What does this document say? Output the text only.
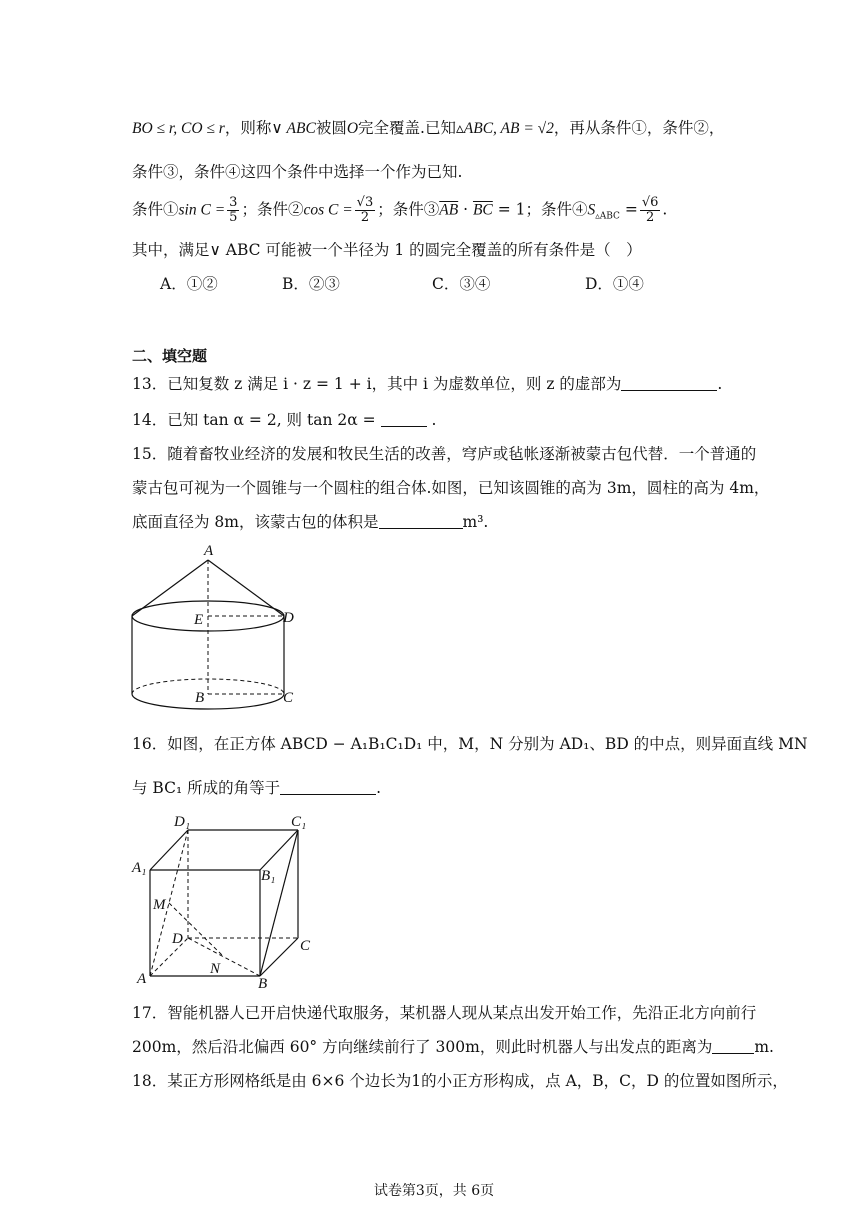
BO ≤ r, CO ≤ r，则称∨ ABC被圆O完全覆盖.已知▵ABC, AB = √2，再从条件①，条件②，
条件③，条件④这四个条件中选择一个作为已知.
条件①sin $C = \frac{3}{5}$ ；条件②cos $C = \frac{√3}{2}$ ；条件$③\overline{AB} \cdot \overline{BC} = 1$；条件$④S_{▵ABC} = \frac{√6}{2}$ .
其中，满足∨ ABC 可能被一个半径为 1 的圆完全覆盖的所有条件是（　）
A．①②	B．②③	C．③④	D．①④
二、填空题
13．已知复数 z 满足 i · z = 1 + i，其中 i 为虚数单位，则 z 的虚部为	.
14．已知 tan α = 2, 则 tan 2α =	.
15．随着畜牧业经济的发展和牧民生活的改善，穹庐或毡帐逐渐被蒙古包代替．一个普通的
蒙古包可视为一个圆锥与一个圆柱的组合体.如图，已知该圆锥的高为 3m，圆柱的高为 4m，
底面直径为 8m，该蒙古包的体积是	m³.
A
E	D
B	C
16．如图，在正方体 ABCD − A₁B₁C₁D₁ 中，M，N 分别为 AD₁、BD 的中点，则异面直线 MN
与 BC₁ 所成的角等于	.
D₁	C₁
A₁	B₁
M
D	C
A
N
B
17．智能机器人已开启快递代取服务，某机器人现从某点出发开始工作，先沿正北方向前行
200m，然后沿北偏西 60° 方向继续前行了 300m，则此时机器人与出发点的距离为	m.
18．某正方形网格纸是由 6×6 个边长为1的小正方形构成，点 A，B，C，D 的位置如图所示，
试卷第3页，共 6页
